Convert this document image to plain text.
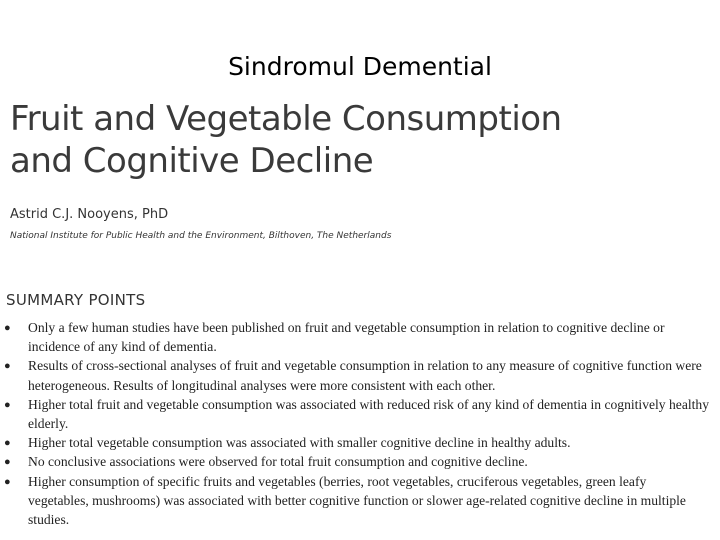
Sindromul Demential
Fruit and Vegetable Consumption
and Cognitive Decline
Astrid C.J. Nooyens, PhD
National Institute for Public Health and the Environment, Bilthoven, The Netherlands
SUMMARY POINTS
● Only a few human studies have been published on fruit and vegetable consumption in relation to cognitive decline or incidence of any kind of dementia.
● Results of cross-sectional analyses of fruit and vegetable consumption in relation to any measure of cognitive function were heterogeneous. Results of longitudinal analyses were more consistent with each other.
● Higher total fruit and vegetable consumption was associated with reduced risk of any kind of dementia in cognitively healthy elderly.
● Higher total vegetable consumption was associated with smaller cognitive decline in healthy adults.
● No conclusive associations were observed for total fruit consumption and cognitive decline.
● Higher consumption of specific fruits and vegetables (berries, root vegetables, cruciferous vegetables, green leafy vegetables, mushrooms) was associated with better cognitive function or slower age-related cognitive decline in multiple studies.
